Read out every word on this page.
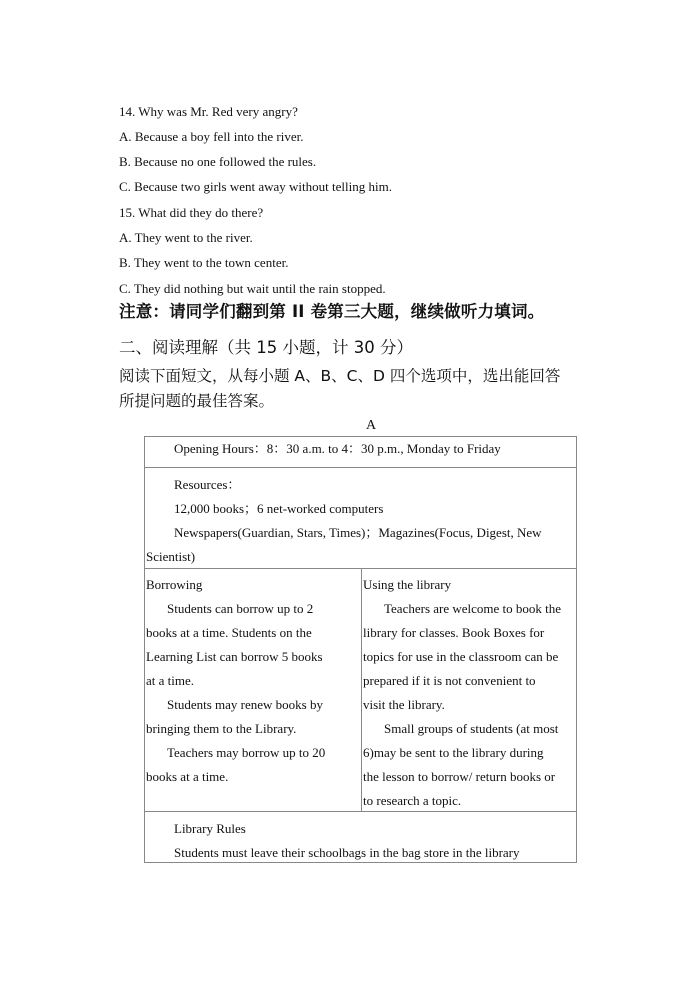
14. Why was Mr. Red very angry?
A. Because a boy fell into the river.
B. Because no one followed the rules.
C. Because two girls went away without telling him.
15. What did they do there?
A. They went to the river.
B. They went to the town center.
C. They did nothing but wait until the rain stopped.
注意：请同学们翻到第 II 卷第三大题，继续做听力填词。
二、阅读理解（共 15 小题，计 30 分）
阅读下面短文，从每小题 A、B、C、D 四个选项中，选出能回答
所提问题的最佳答案。
A
Opening Hours：8：30 a.m. to 4：30 p.m., Monday to Friday
Resources：
12,000 books；6 net-worked computers
Newspapers(Guardian, Stars, Times)；Magazines(Focus, Digest, New
Scientist)
Borrowing
Students can borrow up to 2
books at a time. Students on the
Learning List can borrow 5 books
at a time.
Students may renew books by
bringing them to the Library.
Teachers may borrow up to 20
books at a time.
Using the library
Teachers are welcome to book the
library for classes. Book Boxes for
topics for use in the classroom can be
prepared if it is not convenient to
visit the library.
Small groups of students (at most
6)may be sent to the library during
the lesson to borrow/ return books or
to research a topic.
Library Rules
Students must leave their schoolbags in the bag store in the library
